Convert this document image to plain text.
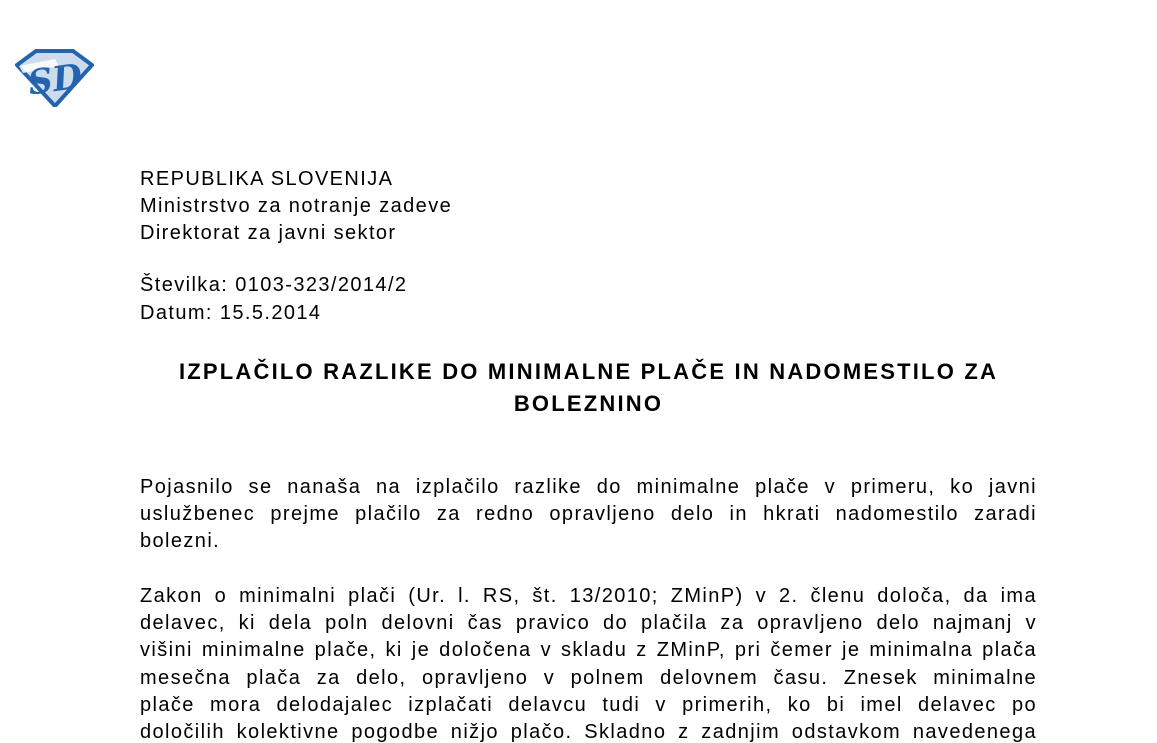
SD
REPUBLIKA SLOVENIJA
Ministrstvo za notranje zadeve
Direktorat za javni sektor
Številka: 0103-323/2014/2
Datum: 15.5.2014
IZPLAČILO RAZLIKE DO MINIMALNE PLAČE IN NADOMESTILO ZA
BOLEZNINO
Pojasnilo se nanaša na izplačilo razlike do minimalne plače v primeru, ko javni
uslužbenec prejme plačilo za redno opravljeno delo in hkrati nadomestilo zaradi
bolezni.
Zakon o minimalni plači (Ur. l. RS, št. 13/2010; ZMinP) v 2. členu določa, da ima
delavec, ki dela poln delovni čas pravico do plačila za opravljeno delo najmanj v
višini minimalne plače, ki je določena v skladu z ZMinP, pri čemer je minimalna plača
mesečna plača za delo, opravljeno v polnem delovnem času. Znesek minimalne
plače mora delodajalec izplačati delavcu tudi v primerih, ko bi imel delavec po
določilih kolektivne pogodbe nižjo plačo. Skladno z zadnjim odstavkom navedenega
